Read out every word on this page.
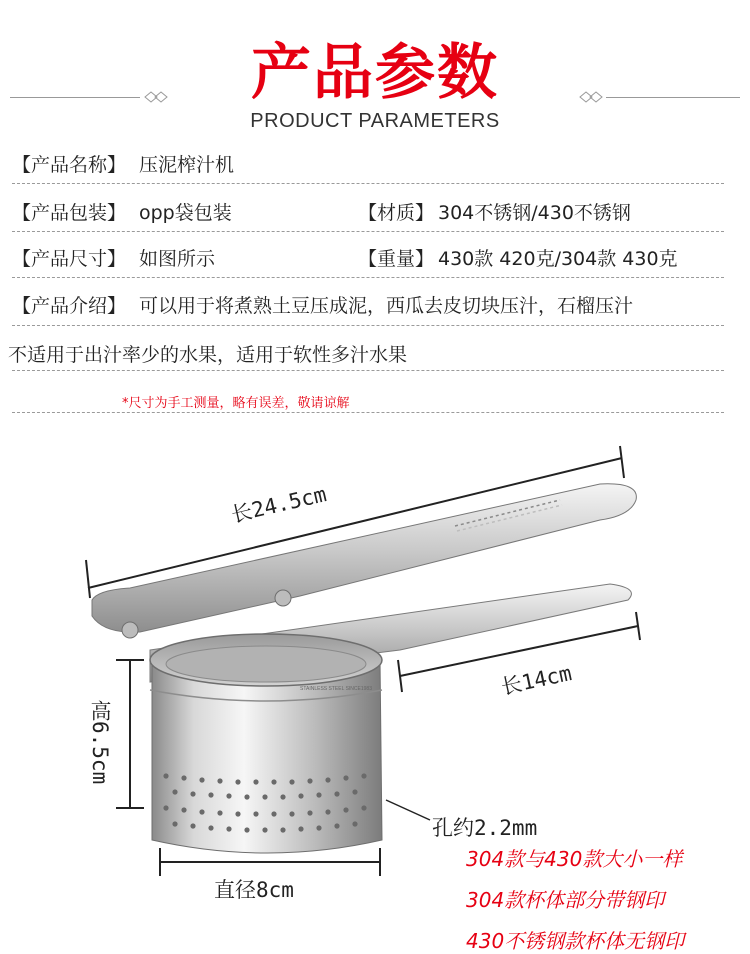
产品参数
PRODUCT PARAMETERS
【产品名称】 压泥榨汁机
【产品包装】 opp袋包装	【材质】 304不锈钢/430不锈钢
【产品尺寸】 如图所示	【重量】 430款 420克/304款 430克
【产品介绍】 可以用于将煮熟土豆压成泥，西瓜去皮切块压汁，石榴压汁
不适用于出汁率少的水果，适用于软性多汁水果
*尺寸为手工测量，略有误差，敬请谅解
STAINLESS STEEL SINCE1983
长24.5cm
长14cm
高6.5cm
孔约2.2mm
直径8cm
304款与430款大小一样
304款杯体部分带钢印
430不锈钢款杯体无钢印
